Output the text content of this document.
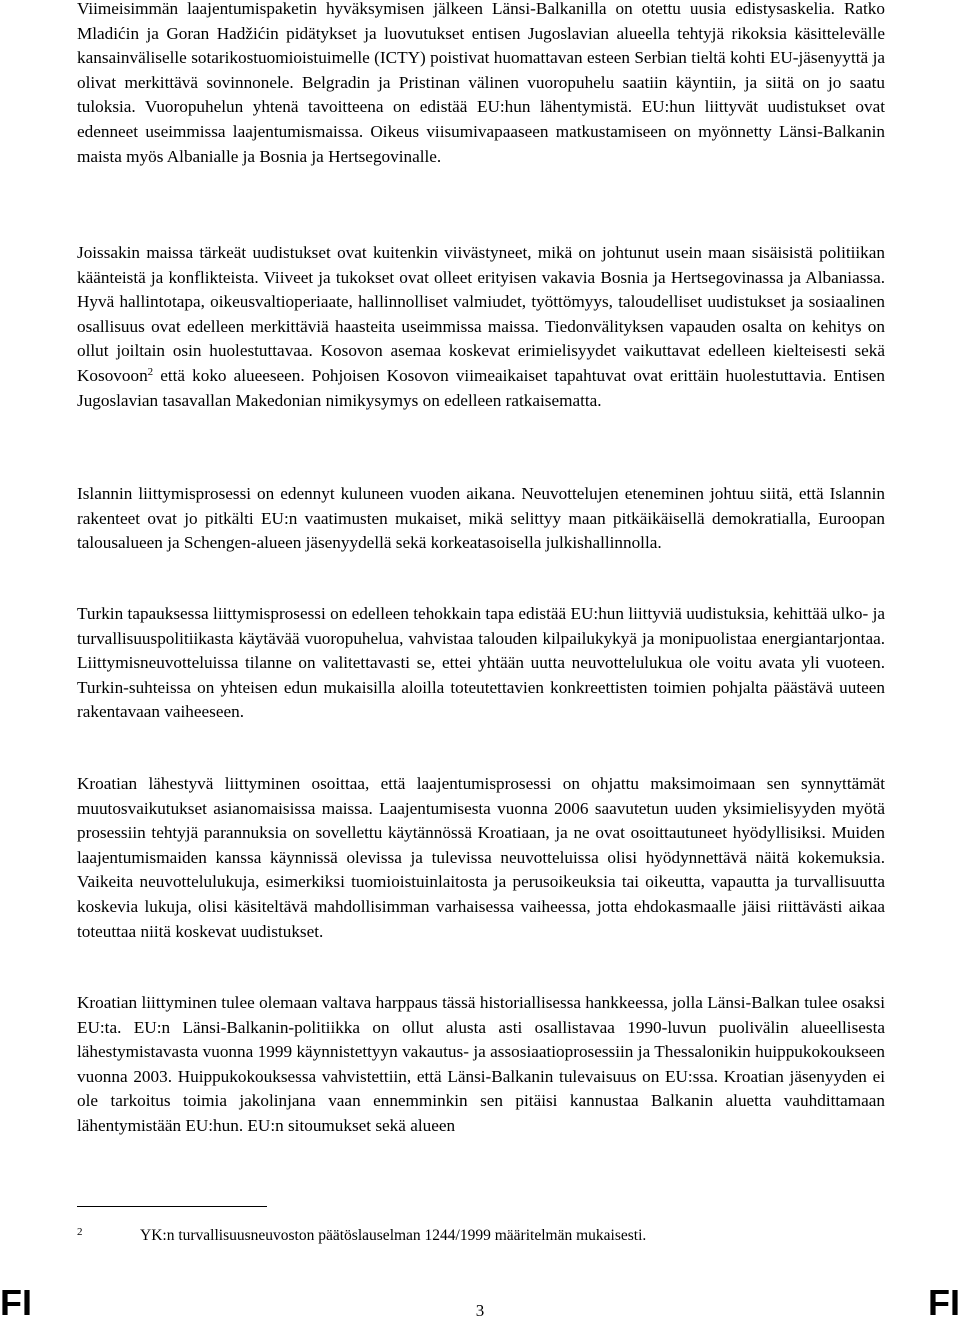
Viimeisimmän laajentumispaketin hyväksymisen jälkeen Länsi-Balkanilla on otettu uusia edistysaskelia. Ratko Mladićin ja Goran Hadžićin pidätykset ja luovutukset entisen Jugoslavian alueella tehtyjä rikoksia käsittelevälle kansainväliselle sotarikostuomioistuimelle (ICTY) poistivat huomattavan esteen Serbian tieltä kohti EU-jäsenyyttä ja olivat merkittävä sovinnonele. Belgradin ja Pristinan välinen vuoropuhelu saatiin käyntiin, ja siitä on jo saatu tuloksia. Vuoropuhelun yhtenä tavoitteena on edistää EU:hun lähentymistä. EU:hun liittyvät uudistukset ovat edenneet useimmissa laajentumismaissa. Oikeus viisumivapaaseen matkustamiseen on myönnetty Länsi-Balkanin maista myös Albanialle ja Bosnia ja Hertsegovinalle.

Joissakin maissa tärkeät uudistukset ovat kuitenkin viivästyneet, mikä on johtunut usein maan sisäisistä politiikan käänteistä ja konflikteista. Viiveet ja tukokset ovat olleet erityisen vakavia Bosnia ja Hertsegovinassa ja Albaniassa. Hyvä hallintotapa, oikeusvaltioperiaate, hallinnolliset valmiudet, työttömyys, taloudelliset uudistukset ja sosiaalinen osallisuus ovat edelleen merkittäviä haasteita useimmissa maissa. Tiedonvälityksen vapauden osalta on kehitys on ollut joiltain osin huolestuttavaa. Kosovon asemaa koskevat erimielisyydet vaikuttavat edelleen kielteisesti sekä Kosovoon$^2$ että koko alueeseen. Pohjoisen Kosovon viimeaikaiset tapahtuvat ovat erittäin huolestuttavia. Entisen Jugoslavian tasavallan Makedonian nimikysymys on edelleen ratkaisematta.

Islannin liittymisprosessi on edennyt kuluneen vuoden aikana. Neuvottelujen eteneminen johtuu siitä, että Islannin rakenteet ovat jo pitkälti EU:n vaatimusten mukaiset, mikä selittyy maan pitkäikäisellä demokratialla, Euroopan talousalueen ja Schengen-alueen jäsenyydellä sekä korkeatasoisella julkishallinnolla.

Turkin tapauksessa liittymisprosessi on edelleen tehokkain tapa edistää EU:hun liittyviä uudistuksia, kehittää ulko- ja turvallisuuspolitiikasta käytävää vuoropuhelua, vahvistaa talouden kilpailukykyä ja monipuolistaa energiantarjontaa. Liittymisneuvotteluissa tilanne on valitettavasti se, ettei yhtään uutta neuvottelulukua ole voitu avata yli vuoteen. Turkin-suhteissa on yhteisen edun mukaisilla aloilla toteutettavien konkreettisten toimien pohjalta päästävä uuteen rakentavaan vaiheeseen.

Kroatian lähestyvä liittyminen osoittaa, että laajentumisprosessi on ohjattu maksimoimaan sen synnyttämät muutosvaikutukset asianomaisissa maissa. Laajentumisesta vuonna 2006 saavutetun uuden yksimielisyyden myötä prosessiin tehtyjä parannuksia on sovellettu käytännössä Kroatiaan, ja ne ovat osoittautuneet hyödyllisiksi. Muiden laajentumismaiden kanssa käynnissä olevissa ja tulevissa neuvotteluissa olisi hyödynnettävä näitä kokemuksia. Vaikeita neuvottelulukuja, esimerkiksi tuomioistuinlaitosta ja perusoikeuksia tai oikeutta, vapautta ja turvallisuutta koskevia lukuja, olisi käsiteltävä mahdollisimman varhaisessa vaiheessa, jotta ehdokasmaalle jäisi riittävästi aikaa toteuttaa niitä koskevat uudistukset.

Kroatian liittyminen tulee olemaan valtava harppaus tässä historiallisessa hankkeessa, jolla Länsi-Balkan tulee osaksi EU:ta. EU:n Länsi-Balkanin-politiikka on ollut alusta asti osallistavaa 1990-luvun puolivälin alueellisesta lähestymistavasta vuonna 1999 käynnistettyyn vakautus- ja assosiaatioprosessiin ja Thessalonikin huippukokoukseen vuonna 2003. Huippukokouksessa vahvistettiin, että Länsi-Balkanin tulevaisuus on EU:ssa. Kroatian jäsenyyden ei ole tarkoitus toimia jakolinjana vaan ennemminkin sen pitäisi kannustaa Balkanin aluetta vauhdittamaan lähentymistään EU:hun. EU:n sitoumukset sekä alueen

2	YK:n turvallisuusneuvoston päätöslauselman 1244/1999 määritelmän mukaisesti.
FI	3	FI
